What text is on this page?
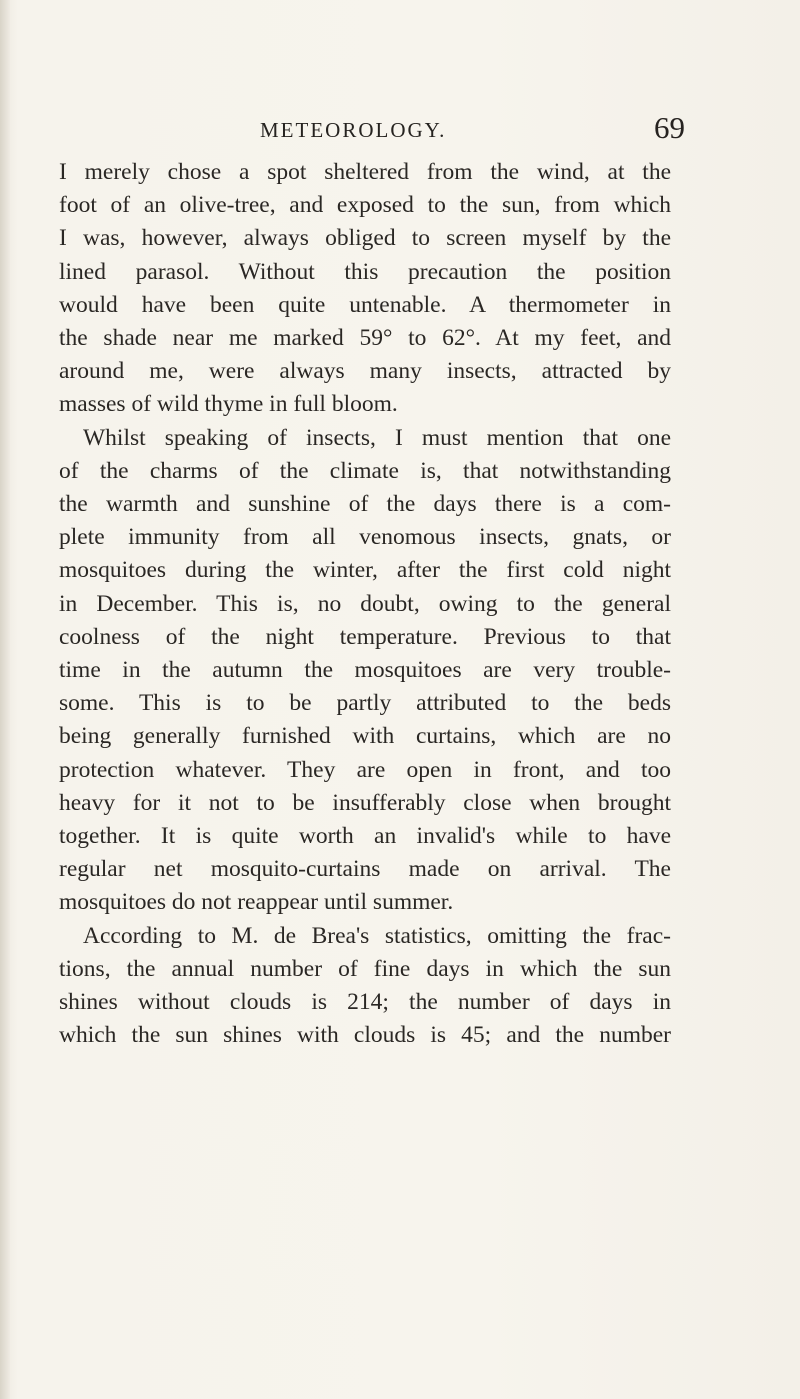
METEOROLOGY.	69
I merely chose a spot sheltered from the wind, at the
foot of an olive-tree, and exposed to the sun, from which
I was, however, always obliged to screen myself by the
lined parasol. Without this precaution the position
would have been quite untenable. A thermometer in
the shade near me marked 59° to 62°. At my feet, and
around me, were always many insects, attracted by
masses of wild thyme in full bloom.
Whilst speaking of insects, I must mention that one
of the charms of the climate is, that notwithstanding
the warmth and sunshine of the days there is a com-
plete immunity from all venomous insects, gnats, or
mosquitoes during the winter, after the first cold night
in December. This is, no doubt, owing to the general
coolness of the night temperature. Previous to that
time in the autumn the mosquitoes are very trouble-
some. This is to be partly attributed to the beds
being generally furnished with curtains, which are no
protection whatever. They are open in front, and too
heavy for it not to be insufferably close when brought
together. It is quite worth an invalid's while to have
regular net mosquito-curtains made on arrival. The
mosquitoes do not reappear until summer.
According to M. de Brea's statistics, omitting the frac-
tions, the annual number of fine days in which the sun
shines without clouds is 214; the number of days in
which the sun shines with clouds is 45; and the number
